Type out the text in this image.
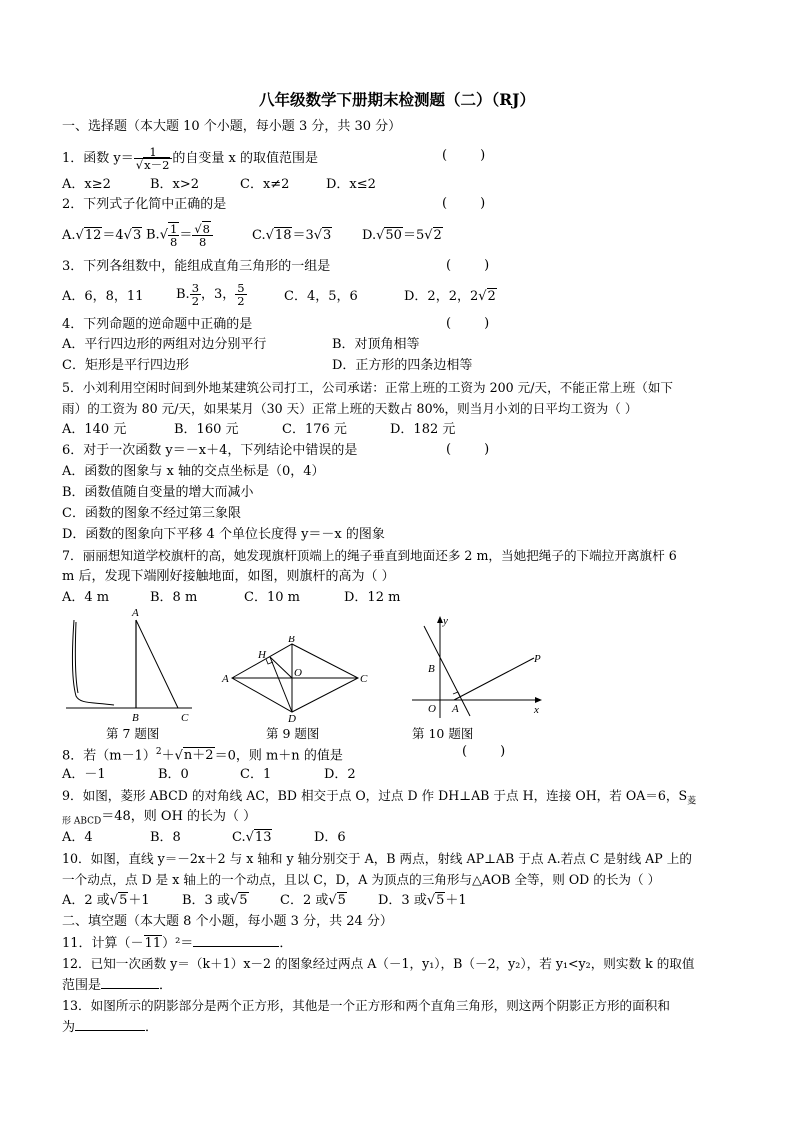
八年级数学下册期末检测题（二）（RJ）
一、选择题（本大题 10 个小题，每小题 3 分，共 30 分）
1．函数 $y= \frac{1}{√x-2}$ 的自变量 x 的取值范围是	(        )
A．x≥2	B．x>2	C．x≠2	D．x≤2
2．下列式子化简中正确的是	(        )
A.√12＝4√3 $B.√ \frac{1}{8} = \frac{√8}{8}$	C.√18＝3√3 D.√50＝5√2
3．下列各组数中，能组成直角三角形的一组是	(        )
A．6，8，11	B. $\frac{3}{2}$ ，3， $\frac{5}{2}$	C．4，5，6	D．2，2，2√2
4．下列命题的逆命题中正确的是	(        )
A．平行四边形的两组对边分别平行	B．对顶角相等
C．矩形是平行四边形	D．正方形的四条边相等
5．小刘利用空闲时间到外地某建筑公司打工，公司承诺：正常上班的工资为 200 元/天，不能正常上班（如下
雨）的工资为 80 元/天，如果某月（30 天）正常上班的天数占 80%，则当月小刘的日平均工资为（ ）
A．140 元	B．160 元	C．176 元	D．182 元
6．对于一次函数 y＝－x＋4，下列结论中错误的是	(        )
A．函数的图象与 x 轴的交点坐标是（0，4）
B．函数值随自变量的增大而减小
C．函数的图象不经过第三象限
D．函数的图象向下平移 4 个单位长度得 y＝－x 的图象
7．丽丽想知道学校旗杆的高，她发现旗杆顶端上的绳子垂直到地面还多 2 m，当她把绳子的下端拉开离旗杆 6
m 后，发现下端刚好接触地面，如图，则旗杆的高为（ ）
A．4 m	B．8 m	C．10 m	D．12 m
A
B	C
第 7 题图
A
B
C
D
H
O
第 9 题图
y
x
B
O A
P
第 10 题图
8．若$(m-1)^2+√n+2=0$，则 m＋n 的值是	(        )
A．－1	B．0	C．1	D．2
9．如图，菱形 ABCD 的对角线 AC，BD 相交于点 O，过点 D 作 DH⊥AB 于点 H，连接 OH，若 OA＝6，$S_菱$
$_{形 ABCD}$＝48，则 OH 的长为（ ）
A．4	B．8	C.√13	D．6
10．如图，直线 y＝－2x＋2 与 x 轴和 y 轴分别交于 A，B 两点，射线 AP⊥AB 于点 A.若点 C 是射线 AP 上的
一个动点，点 D 是 x 轴上的一个动点，且以 C，D，A 为顶点的三角形与△AOB 全等，则 OD 的长为（ ）
A．2 或√5＋1 B．3 或√5 C．2 或√5 D．3 或√5＋1
二、填空题（本大题 8 个小题，每小题 3 分，共 24 分）
11．计算（－11）²＝	．
12．已知一次函数 y＝（k＋1）x－2 的图象经过两点 A（－1，y₁），B（－2，y₂），若 y₁<y₂，则实数 k 的取值
范围是	．
13．如图所示的阴影部分是两个正方形，其他是一个正方形和两个直角三角形，则这两个阴影正方形的面积和
为	．
